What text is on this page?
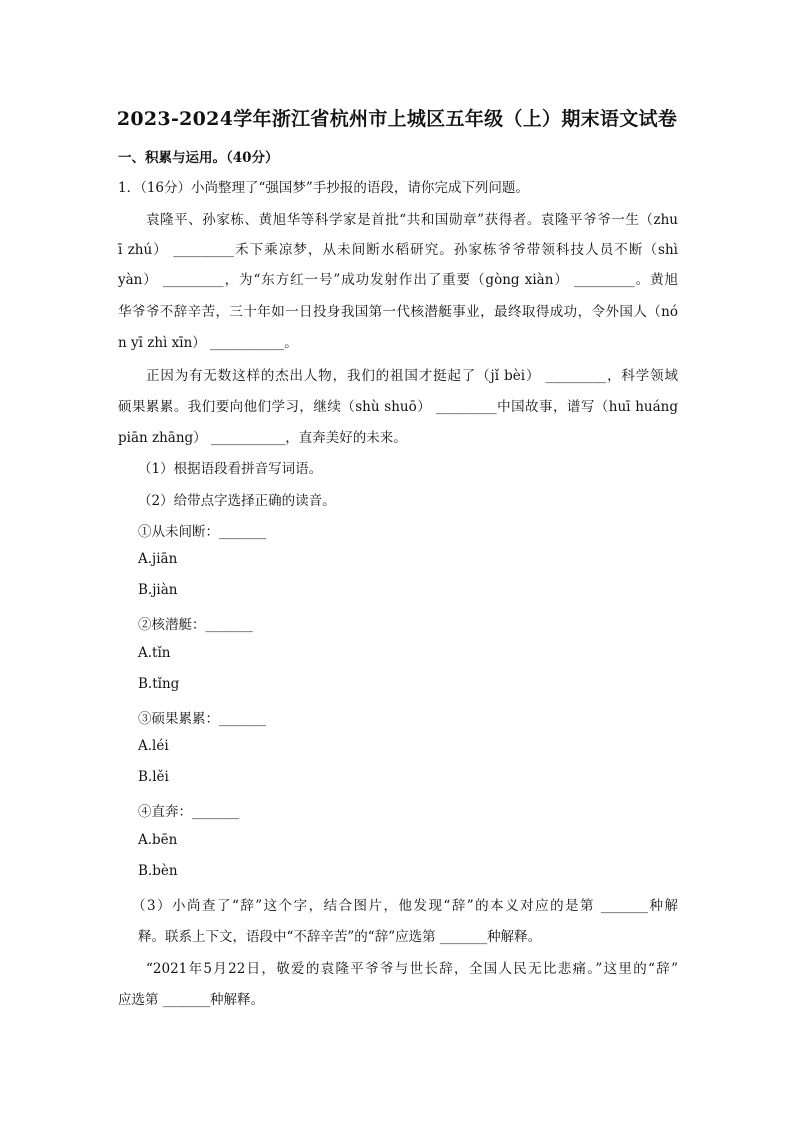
2023-2024学年浙江省杭州市上城区五年级（上）期末语文试卷
一、积累与运用。（40分）
1．（16分）小尚整理了“强国梦”手抄报的语段，请你完成下列问题。
袁隆平、孙家栋、黄旭华等科学家是首批“共和国勋章”获得者。袁隆平爷爷一生（zhu
ī zhú） _________禾下乘凉梦，从未间断水稻研究。孙家栋爷爷带领科技人员不断（shì
yàn） _________，为“东方红一号”成功发射作出了重要（gòng xiàn） _________。黄旭
华爷爷不辞辛苦，三十年如一日投身我国第一代核潜艇事业，最终取得成功，令外国人（nó
n yī zhì xīn） ___________。
正因为有无数这样的杰出人物，我们的祖国才挺起了（jǐ bèi） _________，科学领域
硕果累累。我们要向他们学习，继续（shù shuō） _________中国故事，谱写（huī huáng
piān zhāng） ___________，直奔美好的未来。
（1）根据语段看拼音写词语。
（2）给带点字选择正确的读音。
①从未间断：_______
A.jiān
B.jiàn
②核潜艇：_______
A.tǐn
B.tǐng
③硕果累累：_______
A.léi
B.lěi
④直奔：_______
A.bēn
B.bèn
（3）小尚查了“辞”这个字，结合图片，他发现“辞”的本义对应的是第 _______种解
释。联系上下文，语段中“不辞辛苦”的“辞”应选第 _______种解释。
“2021年5月22日，敬爱的袁隆平爷爷与世长辞，全国人民无比悲痛。”这里的“辞”
应选第 _______种解释。
